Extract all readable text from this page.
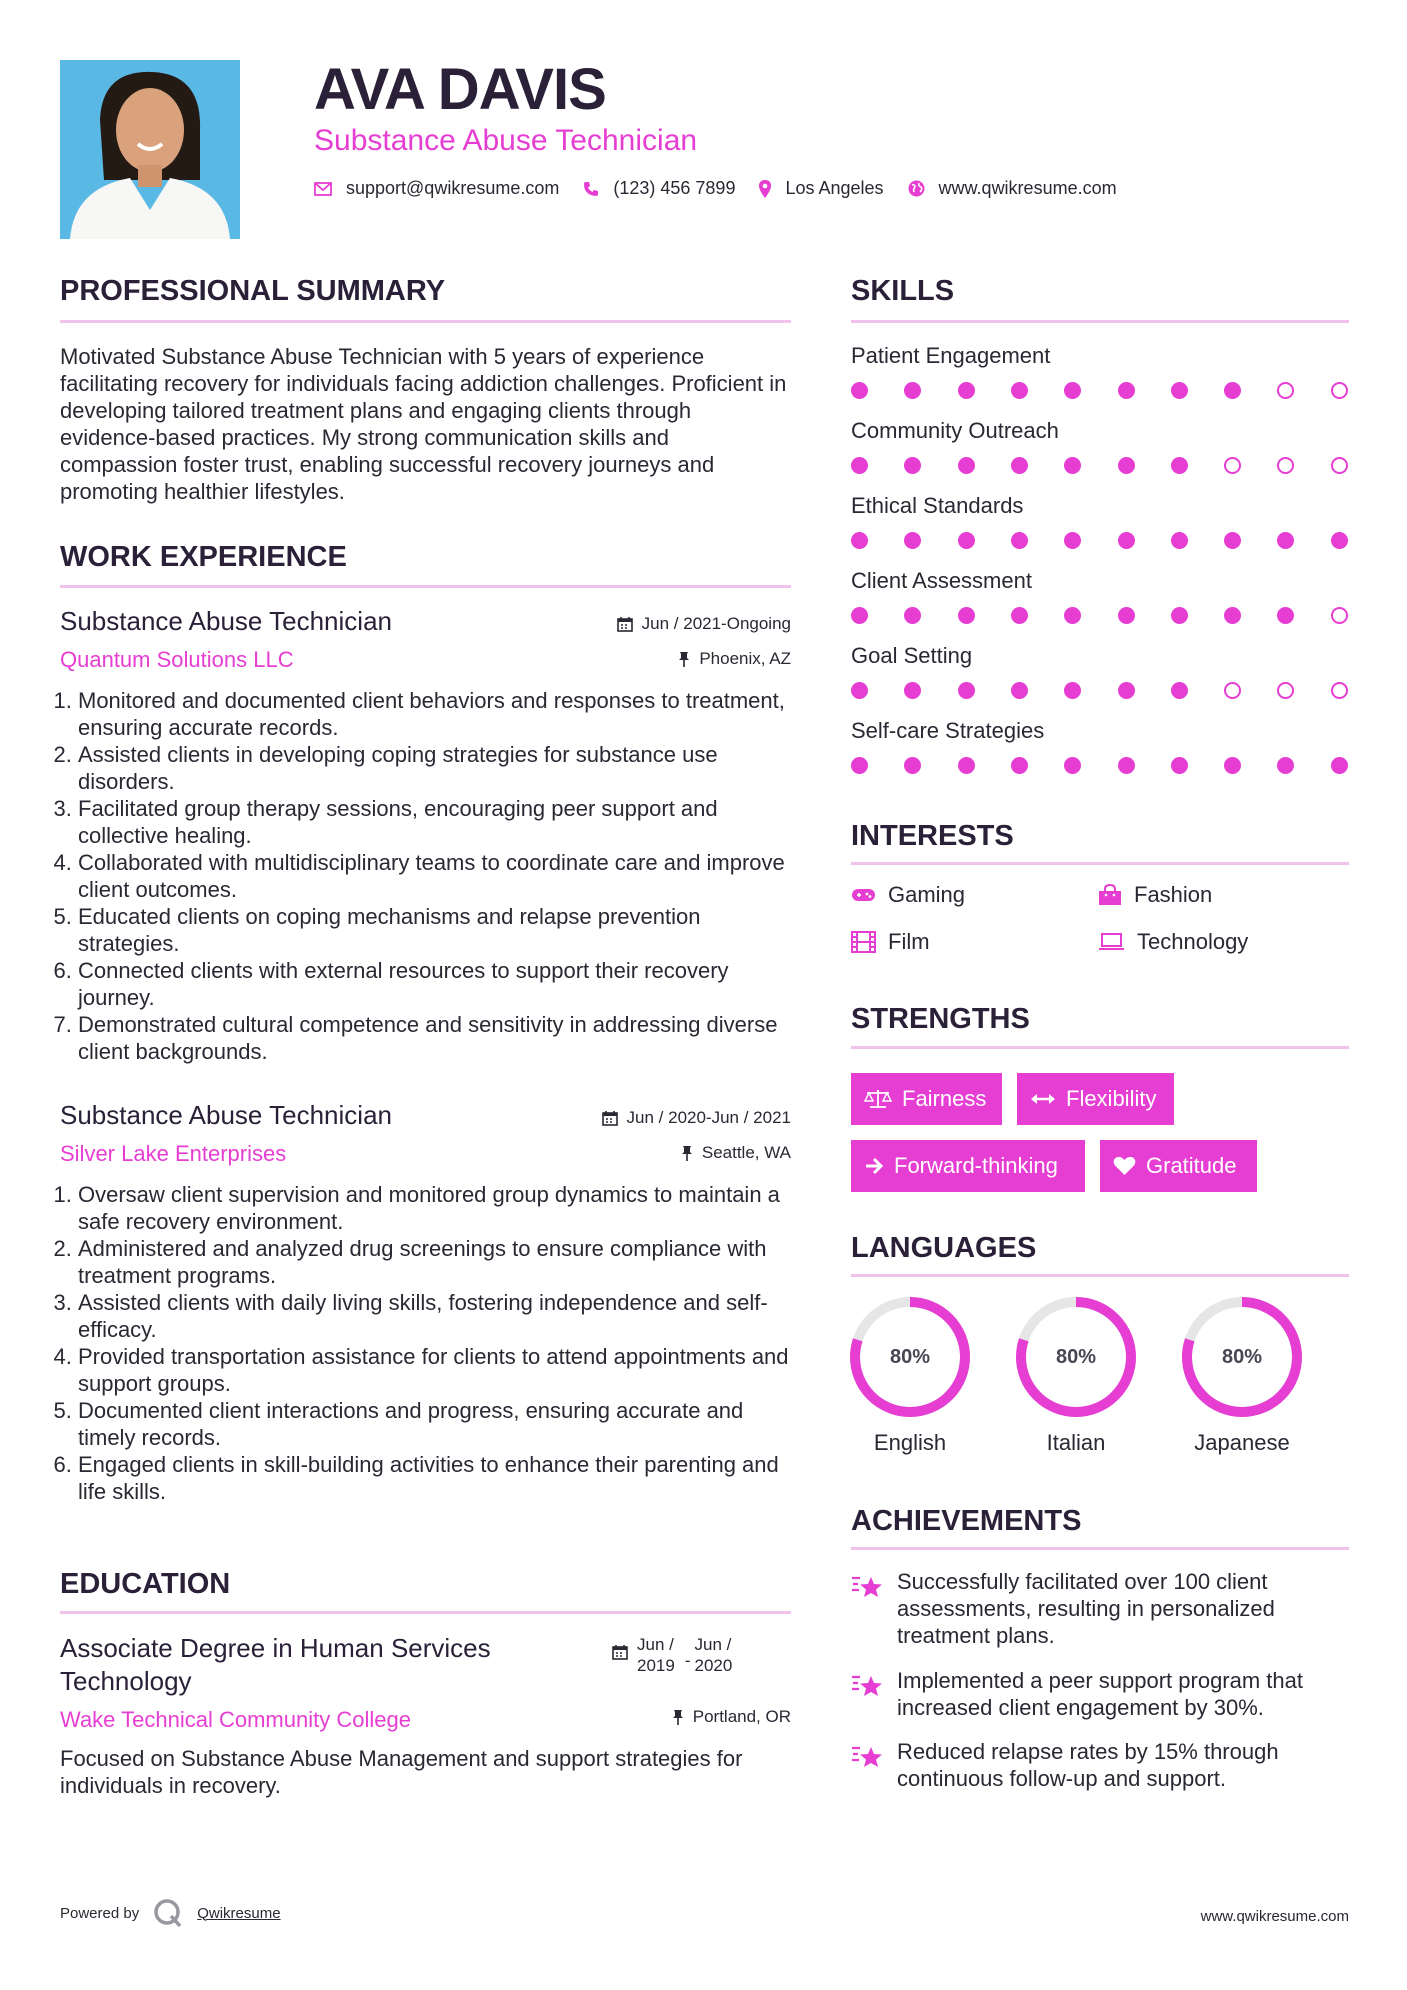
AVA DAVIS
Substance Abuse Technician
support@qwikresume.com	(123) 456 7899	Los Angeles	www.qwikresume.com
PROFESSIONAL SUMMARY
Motivated Substance Abuse Technician with 5 years of experience facilitating recovery for individuals facing addiction challenges. Proficient in developing tailored treatment plans and engaging clients through evidence-based practices. My strong communication skills and compassion foster trust, enabling successful recovery journeys and promoting healthier lifestyles.
WORK EXPERIENCE
Substance Abuse Technician
Quantum Solutions LLC
Jun / 2021-Ongoing
Phoenix, AZ
1. Monitored and documented client behaviors and responses to treatment, ensuring accurate records.
2. Assisted clients in developing coping strategies for substance use disorders.
3. Facilitated group therapy sessions, encouraging peer support and collective healing.
4. Collaborated with multidisciplinary teams to coordinate care and improve client outcomes.
5. Educated clients on coping mechanisms and relapse prevention strategies.
6. Connected clients with external resources to support their recovery journey.
7. Demonstrated cultural competence and sensitivity in addressing diverse client backgrounds.
Substance Abuse Technician
Silver Lake Enterprises
Jun / 2020-Jun / 2021
Seattle, WA
1. Oversaw client supervision and monitored group dynamics to maintain a safe recovery environment.
2. Administered and analyzed drug screenings to ensure compliance with treatment programs.
3. Assisted clients with daily living skills, fostering independence and self-efficacy.
4. Provided transportation assistance for clients to attend appointments and support groups.
5. Documented client interactions and progress, ensuring accurate and timely records.
6. Engaged clients in skill-building activities to enhance their parenting and life skills.
EDUCATION
Associate Degree in Human Services Technology
Jun /
2019 -
Jun /
2020
Wake Technical Community College	Portland, OR
Focused on Substance Abuse Management and support strategies for individuals in recovery.
SKILLS
Patient Engagement
Community Outreach
Ethical Standards
Client Assessment
Goal Setting
Self-care Strategies
INTERESTS
Gaming	Fashion
Film	Technology
STRENGTHS
Fairness	Flexibility
Forward-thinking	Gratitude
LANGUAGES
80%
English
80%
Italian
80%
Japanese
ACHIEVEMENTS
Successfully facilitated over 100 client assessments, resulting in personalized treatment plans.
Implemented a peer support program that increased client engagement by 30%.
Reduced relapse rates by 15% through continuous follow-up and support.
Powered by	Qwikresume	www.qwikresume.com
